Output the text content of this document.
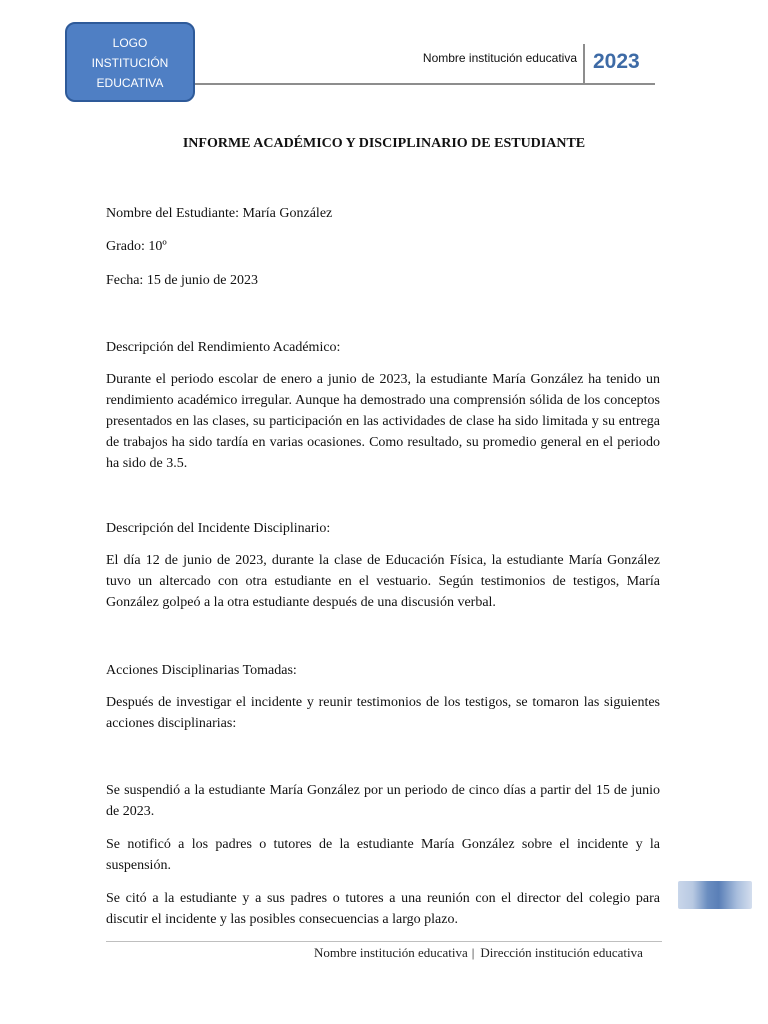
LOGO
INSTITUCIÓN
EDUCATIVA
Nombre institución educativa 2023
INFORME ACADÉMICO Y DISCIPLINARIO DE ESTUDIANTE

Nombre del Estudiante: María González

Grado: 10º

Fecha: 15 de junio de 2023

Descripción del Rendimiento Académico:

Durante el periodo escolar de enero a junio de 2023, la estudiante María González ha tenido un rendimiento académico irregular. Aunque ha demostrado una comprensión sólida de los conceptos presentados en las clases, su participación en las actividades de clase ha sido limitada y su entrega de trabajos ha sido tardía en varias ocasiones. Como resultado, su promedio general en el periodo ha sido de 3.5.

Descripción del Incidente Disciplinario:

El día 12 de junio de 2023, durante la clase de Educación Física, la estudiante María González tuvo un altercado con otra estudiante en el vestuario. Según testimonios de testigos, María González golpeó a la otra estudiante después de una discusión verbal.

Acciones Disciplinarias Tomadas:

Después de investigar el incidente y reunir testimonios de los testigos, se tomaron las siguientes acciones disciplinarias:

Se suspendió a la estudiante María González por un periodo de cinco días a partir del 15 de junio de 2023.

Se notificó a los padres o tutores de la estudiante María González sobre el incidente y la suspensión.

Se citó a la estudiante y a sus padres o tutores a una reunión con el director del colegio para discutir el incidente y las posibles consecuencias a largo plazo.

Nombre institución educativa | Dirección institución educativa
